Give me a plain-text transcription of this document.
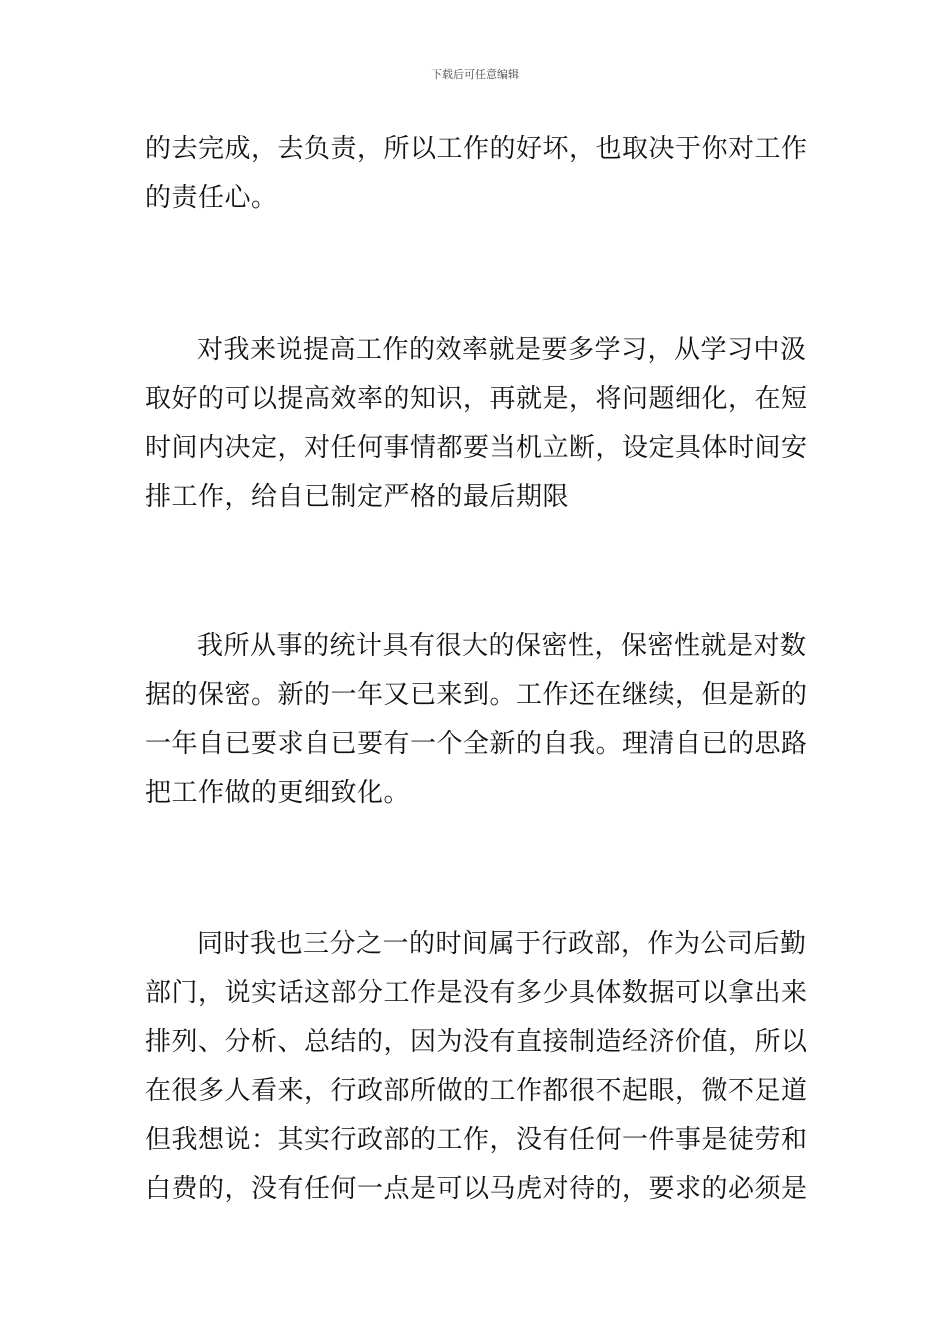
下载后可任意编辑

的去完成，去负责，所以工作的好坏，也取决于你对工作的责任心。

对我来说提高工作的效率就是要多学习，从学习中汲取好的可以提高效率的知识，再就是，将问题细化，在短时间内决定，对任何事情都要当机立断，设定具体时间安排工作，给自已制定严格的最后期限

我所从事的统计具有很大的保密性，保密性就是对数据的保密。新的一年又已来到。工作还在继续，但是新的一年自已要求自已要有一个全新的自我。理清自已的思路把工作做的更细致化。

同时我也三分之一的时间属于行政部，作为公司后勤部门，说实话这部分工作是没有多少具体数据可以拿出来排列、分析、总结的，因为没有直接制造经济价值，所以在很多人看来，行政部所做的工作都很不起眼，微不足道但我想说：其实行政部的工作，没有任何一件事是徒劳和白费的，没有任何一点是可以马虎对待的，要求的必须是
